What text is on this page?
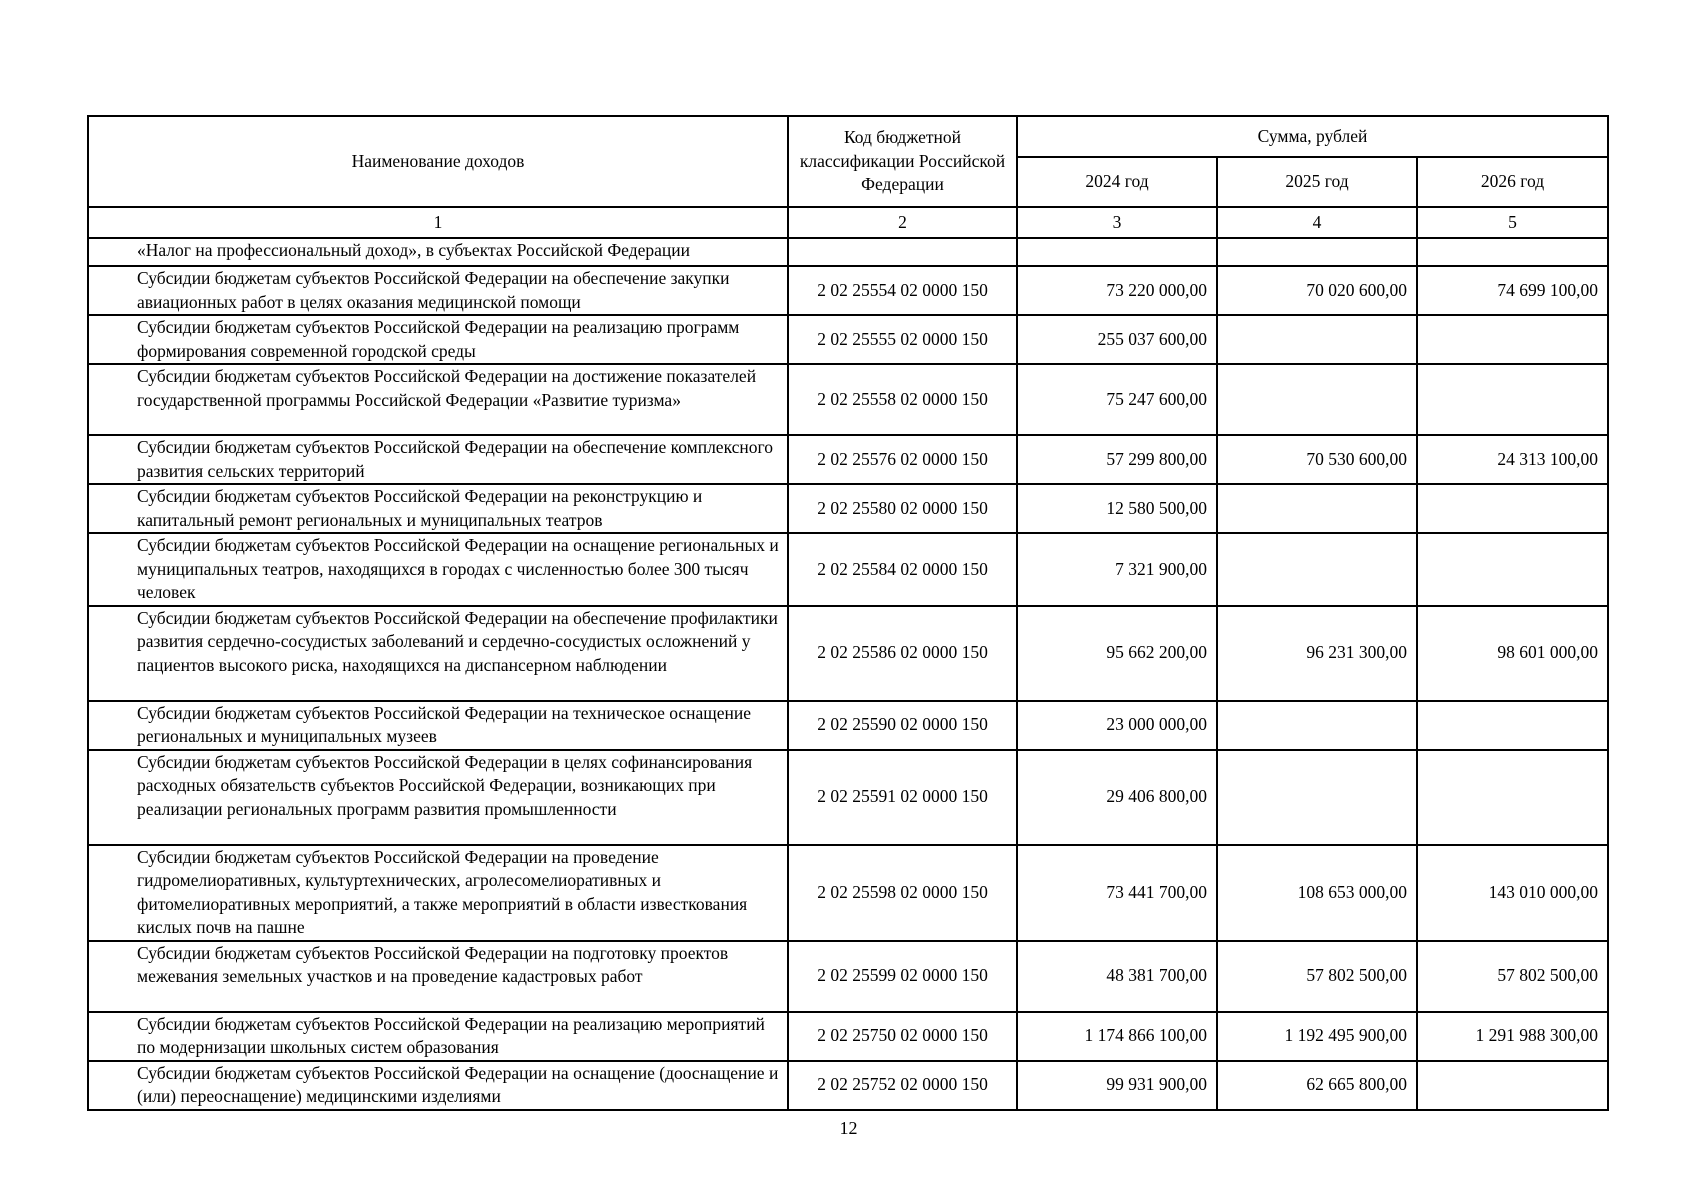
Наименование доходов	Код бюджетной классификации Российской Федерации	Сумма, рублей		
		2024 год	2025 год	2026 год
1	2	3	4	5
«Налог на профессиональный доход», в субъектах Российской Федерации				
Субсидии бюджетам субъектов Российской Федерации на обеспечение закупки авиационных работ в целях оказания медицинской помощи	2 02 25554 02 0000 150	73 220 000,00	70 020 600,00	74 699 100,00
Субсидии бюджетам субъектов Российской Федерации на реализацию программ формирования современной городской среды	2 02 25555 02 0000 150	255 037 600,00		
Субсидии бюджетам субъектов Российской Федерации на достижение показателей государственной программы Российской Федерации «Развитие туризма»	2 02 25558 02 0000 150	75 247 600,00		
Субсидии бюджетам субъектов Российской Федерации на обеспечение комплексного развития сельских территорий	2 02 25576 02 0000 150	57 299 800,00	70 530 600,00	24 313 100,00
Субсидии бюджетам субъектов Российской Федерации на реконструкцию и капитальный ремонт региональных и муниципальных театров	2 02 25580 02 0000 150	12 580 500,00		
Субсидии бюджетам субъектов Российской Федерации на оснащение региональных и муниципальных театров, находящихся в городах с численностью более 300 тысяч человек	2 02 25584 02 0000 150	7 321 900,00		
Субсидии бюджетам субъектов Российской Федерации на обеспечение профилактики развития сердечно-сосудистых заболеваний и сердечно-сосудистых осложнений у пациентов высокого риска, находящихся на диспансерном наблюдении	2 02 25586 02 0000 150	95 662 200,00	96 231 300,00	98 601 000,00
Субсидии бюджетам субъектов Российской Федерации на техническое оснащение региональных и муниципальных музеев	2 02 25590 02 0000 150	23 000 000,00		
Субсидии бюджетам субъектов Российской Федерации в целях софинансирования расходных обязательств субъектов Российской Федерации, возникающих при реализации региональных программ развития промышленности	2 02 25591 02 0000 150	29 406 800,00		
Субсидии бюджетам субъектов Российской Федерации на проведение гидромелиоративных, культуртехнических, агролесомелиоративных и фитомелиоративных мероприятий, а также мероприятий в области известкования кислых почв на пашне	2 02 25598 02 0000 150	73 441 700,00	108 653 000,00	143 010 000,00
Субсидии бюджетам субъектов Российской Федерации на подготовку проектов межевания земельных участков и на проведение кадастровых работ	2 02 25599 02 0000 150	48 381 700,00	57 802 500,00	57 802 500,00
Субсидии бюджетам субъектов Российской Федерации на реализацию мероприятий по модернизации школьных систем образования	2 02 25750 02 0000 150	1 174 866 100,00	1 192 495 900,00	1 291 988 300,00
Субсидии бюджетам субъектов Российской Федерации на оснащение (дооснащение и (или) переоснащение) медицинскими изделиями	2 02 25752 02 0000 150	99 931 900,00	62 665 800,00	
12
